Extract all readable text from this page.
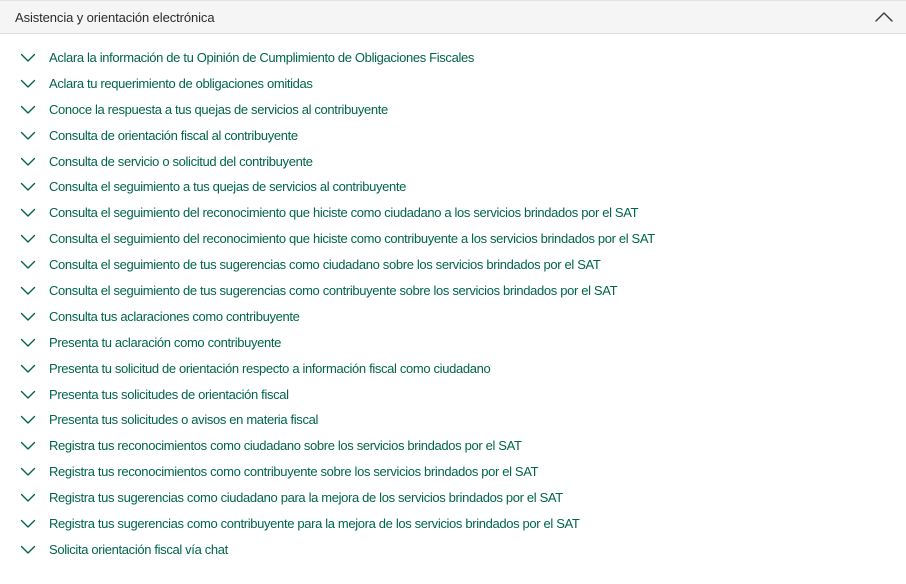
Asistencia y orientación electrónica
Aclara la información de tu Opinión de Cumplimiento de Obligaciones Fiscales
Aclara tu requerimiento de obligaciones omitidas
Conoce la respuesta a tus quejas de servicios al contribuyente
Consulta de orientación fiscal al contribuyente
Consulta de servicio o solicitud del contribuyente
Consulta el seguimiento a tus quejas de servicios al contribuyente
Consulta el seguimiento del reconocimiento que hiciste como ciudadano a los servicios brindados por el SAT
Consulta el seguimiento del reconocimiento que hiciste como contribuyente a los servicios brindados por el SAT
Consulta el seguimiento de tus sugerencias como ciudadano sobre los servicios brindados por el SAT
Consulta el seguimiento de tus sugerencias como contribuyente sobre los servicios brindados por el SAT
Consulta tus aclaraciones como contribuyente
Presenta tu aclaración como contribuyente
Presenta tu solicitud de orientación respecto a información fiscal como ciudadano
Presenta tus solicitudes de orientación fiscal
Presenta tus solicitudes o avisos en materia fiscal
Registra tus reconocimientos como ciudadano sobre los servicios brindados por el SAT
Registra tus reconocimientos como contribuyente sobre los servicios brindados por el SAT
Registra tus sugerencias como ciudadano para la mejora de los servicios brindados por el SAT
Registra tus sugerencias como contribuyente para la mejora de los servicios brindados por el SAT
Solicita orientación fiscal vía chat
